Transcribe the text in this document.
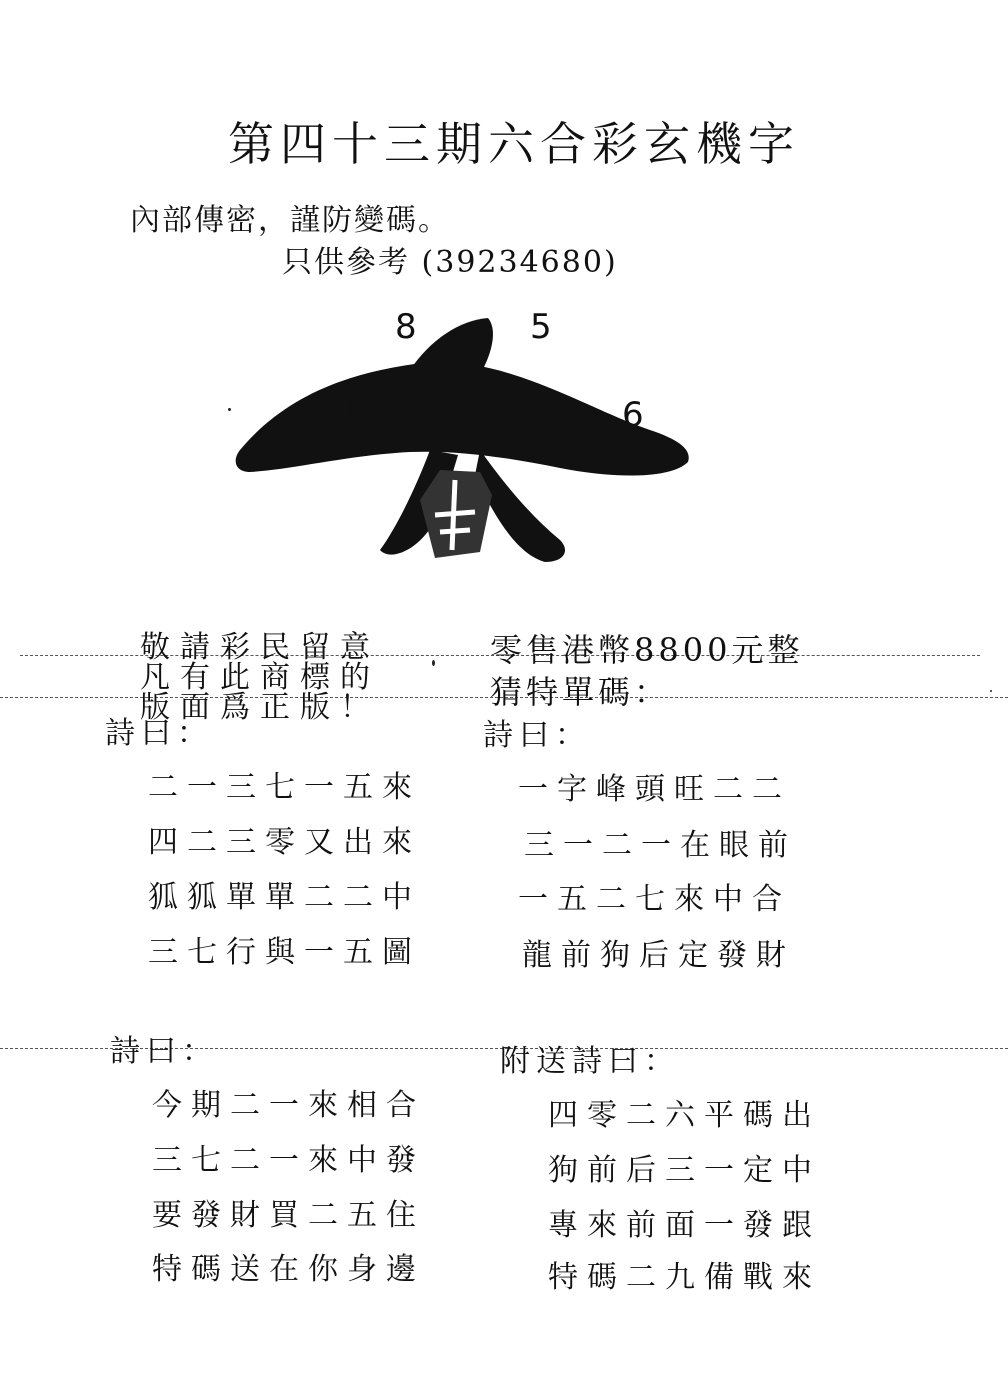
第四十三期六合彩玄機字
內部傳密，謹防變碼。
只供參考 (39234680)
8	5
1	6
敬請彩民留意
凡有此商標的
版面爲正版！
零售港幣8800元整
猜特單碼：
詩曰：
二一三七一五來
四二三零又出來
狐狐單單二二中
三七行與一五圖
詩曰：
一字峰頭旺二二
三一二一在眼前
一五二七來中合
龍前狗后定發財
詩曰：
今期二一來相合
三七二一來中發
要發財買二五住
特碼送在你身邊
附送詩曰：
四零二六平碼出
狗前后三一定中
專來前面一發跟
特碼二九備戰來
